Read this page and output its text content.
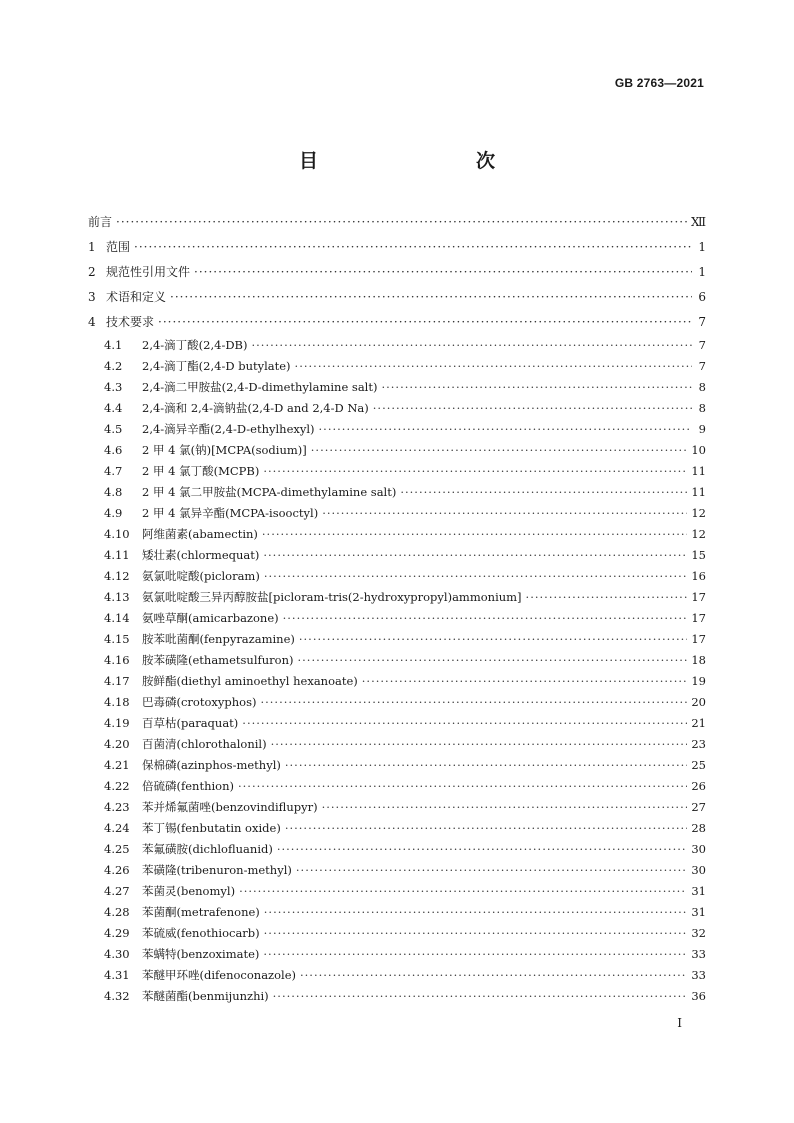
GB 2763—2021
目　　次
前言 ·····	Ⅻ
1 范围 ·····	1
2 规范性引用文件 ·····	1
3 术语和定义 ·····	6
4 技术要求 ·····	7
4.1	2,4-滴丁酸(2,4-DB) ·····	7
4.2	2,4-滴丁酯(2,4-D butylate) ·····	7
4.3	2,4-滴二甲胺盐(2,4-D-dimethylamine salt) ·····	8
4.4	2,4-滴和 2,4-滴钠盐(2,4-D and 2,4-D Na) ·····	8
4.5	2,4-滴异辛酯(2,4-D-ethylhexyl) ·····	9
4.6	2 甲 4 氯(钠)[MCPA(sodium)] ·····	10
4.7	2 甲 4 氯丁酸(MCPB) ·····	11
4.8	2 甲 4 氯二甲胺盐(MCPA-dimethylamine salt) ·····	11
4.9	2 甲 4 氯异辛酯(MCPA-isooctyl) ·····	12
4.10	阿维菌素(abamectin) ·····	12
4.11	矮壮素(chlormequat) ·····	15
4.12	氨氯吡啶酸(picloram) ·····	16
4.13	氨氯吡啶酸三异丙醇胺盐[picloram-tris(2-hydroxypropyl)ammonium] ·····	17
4.14	氨唑草酮(amicarbazone) ·····	17
4.15	胺苯吡菌酮(fenpyrazamine) ·····	17
4.16	胺苯磺隆(ethametsulfuron) ·····	18
4.17	胺鲜酯(diethyl aminoethyl hexanoate) ·····	19
4.18	巴毒磷(crotoxyphos) ·····	20
4.19	百草枯(paraquat) ·····	21
4.20	百菌清(chlorothalonil) ·····	23
4.21	保棉磷(azinphos-methyl) ·····	25
4.22	倍硫磷(fenthion) ·····	26
4.23	苯并烯氟菌唑(benzovindiflupyr) ·····	27
4.24	苯丁锡(fenbutatin oxide) ·····	28
4.25	苯氟磺胺(dichlofluanid) ·····	30
4.26	苯磺隆(tribenuron-methyl) ·····	30
4.27	苯菌灵(benomyl) ·····	31
4.28	苯菌酮(metrafenone) ·····	31
4.29	苯硫威(fenothiocarb) ·····	32
4.30	苯螨特(benzoximate) ·····	33
4.31	苯醚甲环唑(difenoconazole) ·····	33
4.32	苯醚菌酯(benmijunzhi) ·····	36
I
